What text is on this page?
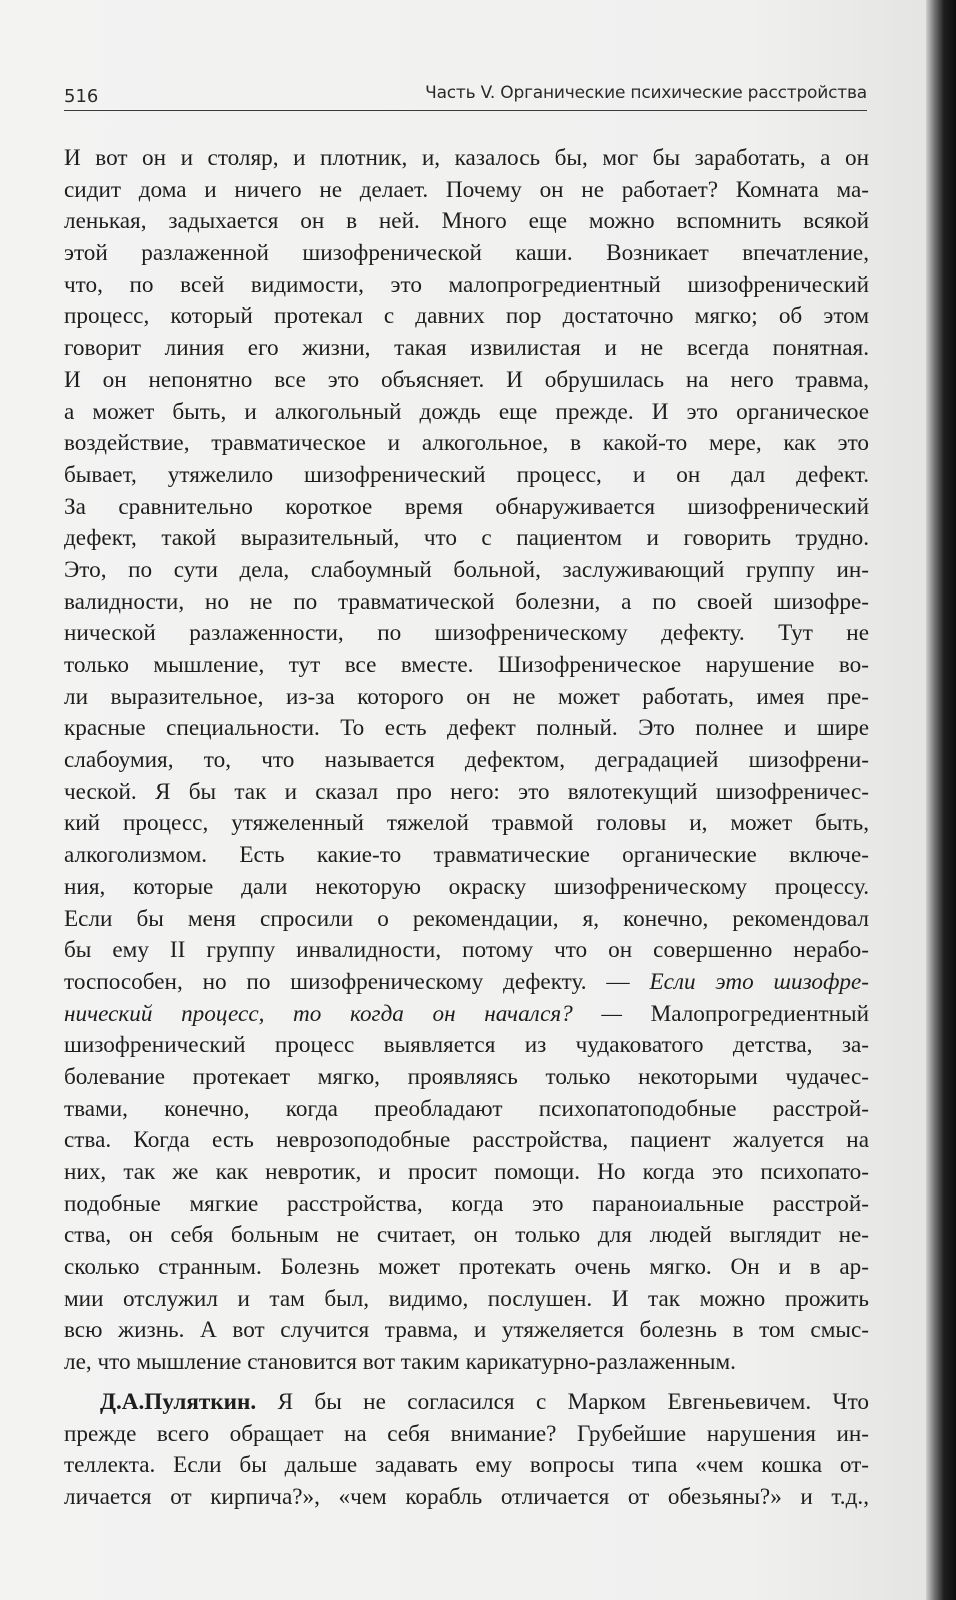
516	Часть V. Органические психические расстройства
И вот он и столяр, и плотник, и, казалось бы, мог бы заработать, а он
сидит дома и ничего не делает. Почему он не работает? Комната ма-
ленькая, задыхается он в ней. Много еще можно вспомнить всякой
этой разлаженной шизофренической каши. Возникает впечатление,
что, по всей видимости, это малопрогредиентный шизофренический
процесс, который протекал с давних пор достаточно мягко; об этом
говорит линия его жизни, такая извилистая и не всегда понятная.
И он непонятно все это объясняет. И обрушилась на него травма,
а может быть, и алкогольный дождь еще прежде. И это органическое
воздействие, травматическое и алкогольное, в какой-то мере, как это
бывает, утяжелило шизофренический процесс, и он дал дефект.
За сравнительно короткое время обнаруживается шизофренический
дефект, такой выразительный, что с пациентом и говорить трудно.
Это, по сути дела, слабоумный больной, заслуживающий группу ин-
валидности, но не по травматической болезни, а по своей шизофре-
нической разлаженности, по шизофреническому дефекту. Тут не
только мышление, тут все вместе. Шизофреническое нарушение во-
ли выразительное, из-за которого он не может работать, имея пре-
красные специальности. То есть дефект полный. Это полнее и шире
слабоумия, то, что называется дефектом, деградацией шизофрени-
ческой. Я бы так и сказал про него: это вялотекущий шизофреничес-
кий процесс, утяжеленный тяжелой травмой головы и, может быть,
алкоголизмом. Есть какие-то травматические органические включе-
ния, которые дали некоторую окраску шизофреническому процессу.
Если бы меня спросили о рекомендации, я, конечно, рекомендовал
бы ему II группу инвалидности, потому что он совершенно нерабо-
тоспособен, но по шизофреническому дефекту. — Если это шизофре-
нический процесс, то когда он начался? — Малопрогредиентный
шизофренический процесс выявляется из чудаковатого детства, за-
болевание протекает мягко, проявляясь только некоторыми чудачес-
твами, конечно, когда преобладают психопатоподобные расстрой-
ства. Когда есть неврозоподобные расстройства, пациент жалуется на
них, так же как невротик, и просит помощи. Но когда это психопато-
подобные мягкие расстройства, когда это параноиальные расстрой-
ства, он себя больным не считает, он только для людей выглядит не-
сколько странным. Болезнь может протекать очень мягко. Он и в ар-
мии отслужил и там был, видимо, послушен. И так можно прожить
всю жизнь. А вот случится травма, и утяжеляется болезнь в том смыс-
ле, что мышление становится вот таким карикатурно-разлаженным.
Д.А.Пуляткин. Я бы не согласился с Марком Евгеньевичем. Что
прежде всего обращает на себя внимание? Грубейшие нарушения ин-
теллекта. Если бы дальше задавать ему вопросы типа «чем кошка от-
личается от кирпича?», «чем корабль отличается от обезьяны?» и т.д.,
